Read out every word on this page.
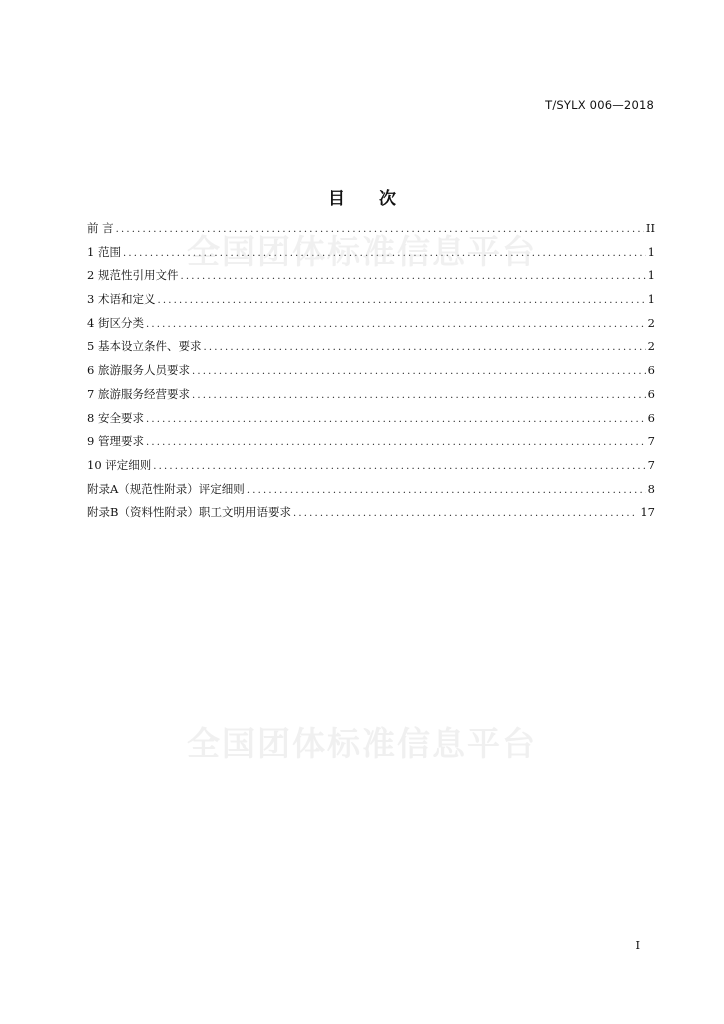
T/SYLX 006—2018
目 次
前 言 .....	II
1 范围 .....	1
2 规范性引用文件 .....	1
3 术语和定义 .....	1
4 街区分类 .....	2
5 基本设立条件、要求 .....	2
6 旅游服务人员要求 .....	6
7 旅游服务经营要求 .....	6
8 安全要求 .....	6
9 管理要求 .....	7
10 评定细则 .....	7
附录A（规范性附录）评定细则 .....	8
附录B（资料性附录）职工文明用语要求 .....	17
全国团体标准信息平台
全国团体标准信息平台
I
